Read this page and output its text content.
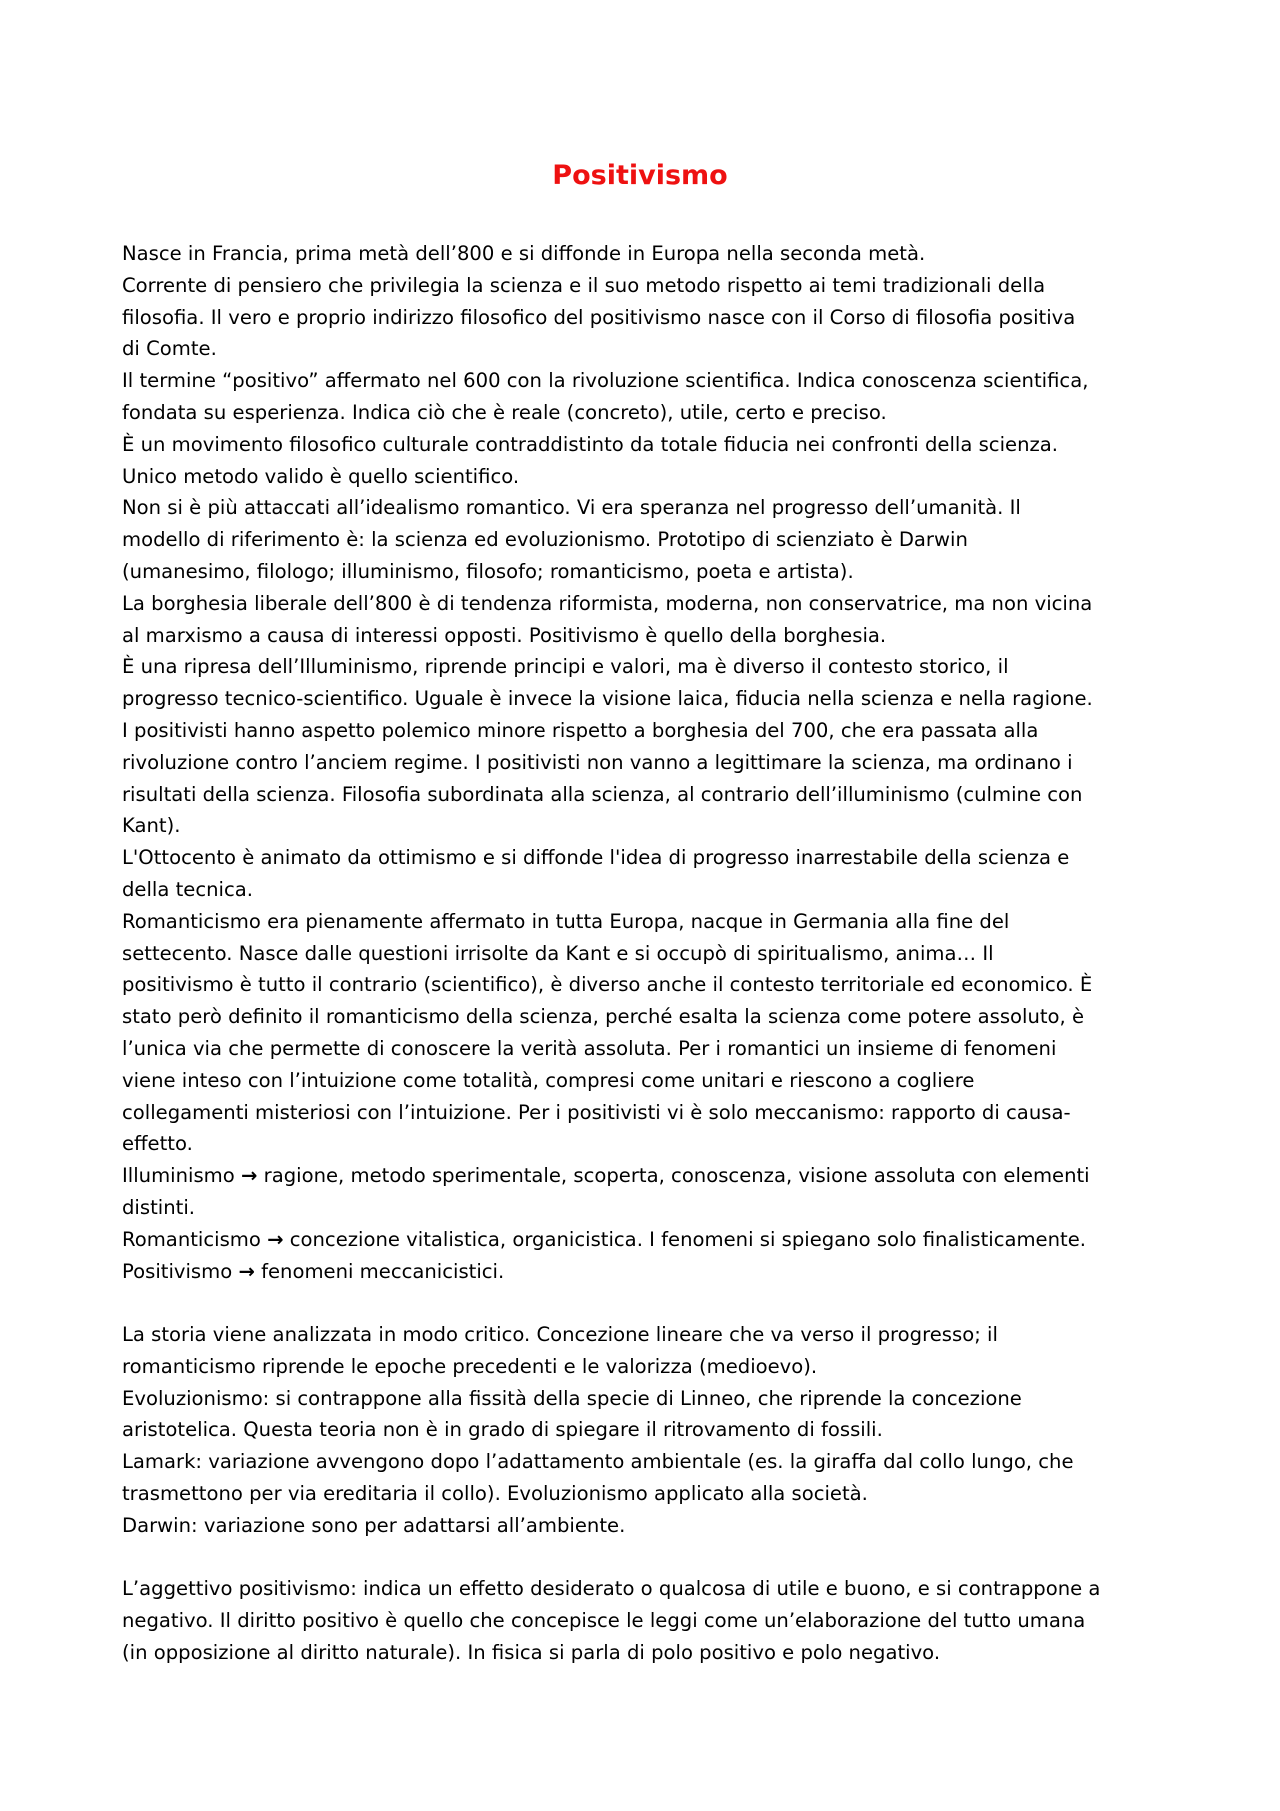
Positivismo
Nasce in Francia, prima metà dell’800 e si diffonde in Europa nella seconda metà.
Corrente di pensiero che privilegia la scienza e il suo metodo rispetto ai temi tradizionali della
filosofia. Il vero e proprio indirizzo filosofico del positivismo nasce con il Corso di filosofia positiva
di Comte.
Il termine “positivo” affermato nel 600 con la rivoluzione scientifica. Indica conoscenza scientifica,
fondata su esperienza. Indica ciò che è reale (concreto), utile, certo e preciso.
È un movimento filosofico culturale contraddistinto da totale fiducia nei confronti della scienza.
Unico metodo valido è quello scientifico.
Non si è più attaccati all’idealismo romantico. Vi era speranza nel progresso dell’umanità. Il
modello di riferimento è: la scienza ed evoluzionismo. Prototipo di scienziato è Darwin
(umanesimo, filologo; illuminismo, filosofo; romanticismo, poeta e artista).
La borghesia liberale dell’800 è di tendenza riformista, moderna, non conservatrice, ma non vicina
al marxismo a causa di interessi opposti. Positivismo è quello della borghesia.
È una ripresa dell’Illuminismo, riprende principi e valori, ma è diverso il contesto storico, il
progresso tecnico-scientifico. Uguale è invece la visione laica, fiducia nella scienza e nella ragione.
I positivisti hanno aspetto polemico minore rispetto a borghesia del 700, che era passata alla
rivoluzione contro l’anciem regime. I positivisti non vanno a legittimare la scienza, ma ordinano i
risultati della scienza. Filosofia subordinata alla scienza, al contrario dell’illuminismo (culmine con
Kant).
L'Ottocento è animato da ottimismo e si diffonde l'idea di progresso inarrestabile della scienza e
della tecnica.
Romanticismo era pienamente affermato in tutta Europa, nacque in Germania alla fine del
settecento. Nasce dalle questioni irrisolte da Kant e si occupò di spiritualismo, anima… Il
positivismo è tutto il contrario (scientifico), è diverso anche il contesto territoriale ed economico. È
stato però definito il romanticismo della scienza, perché esalta la scienza come potere assoluto, è
l’unica via che permette di conoscere la verità assoluta. Per i romantici un insieme di fenomeni
viene inteso con l’intuizione come totalità, compresi come unitari e riescono a cogliere
collegamenti misteriosi con l’intuizione. Per i positivisti vi è solo meccanismo: rapporto di causa-
effetto.
Illuminismo → ragione, metodo sperimentale, scoperta, conoscenza, visione assoluta con elementi
distinti.
Romanticismo → concezione vitalistica, organicistica. I fenomeni si spiegano solo finalisticamente.
Positivismo → fenomeni meccanicistici.
La storia viene analizzata in modo critico. Concezione lineare che va verso il progresso; il
romanticismo riprende le epoche precedenti e le valorizza (medioevo).
Evoluzionismo: si contrappone alla fissità della specie di Linneo, che riprende la concezione
aristotelica. Questa teoria non è in grado di spiegare il ritrovamento di fossili.
Lamark: variazione avvengono dopo l’adattamento ambientale (es. la giraffa dal collo lungo, che
trasmettono per via ereditaria il collo). Evoluzionismo applicato alla società.
Darwin: variazione sono per adattarsi all’ambiente.
L’aggettivo positivismo: indica un effetto desiderato o qualcosa di utile e buono, e si contrappone a
negativo. Il diritto positivo è quello che concepisce le leggi come un’elaborazione del tutto umana
(in opposizione al diritto naturale). In fisica si parla di polo positivo e polo negativo.
